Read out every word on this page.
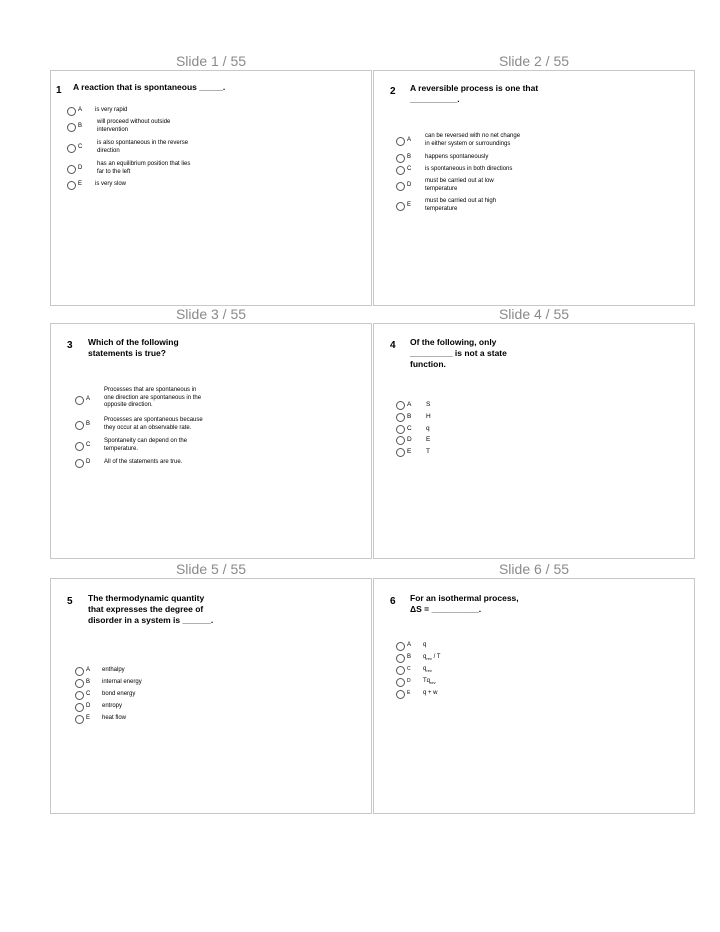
Slide 1 / 55	Slide 2 / 55
Slide 3 / 55	Slide 4 / 55
Slide 5 / 55	Slide 6 / 55
1 A reaction that is spontaneous _____.
A is very rapid
B
will proceed without outside
intervention
C
is also spontaneous in the reverse
direction
D
has an equilibrium position that lies
far to the left
E is very slow
2 A reversible process is one that
__________.
A
can be reversed with no net change
in either system or surroundings
B happens spontaneously
C is spontaneous in both directions
D
must be carried out at low
temperature
E
must be carried out at high
temperature
3 Which of the following
statements is true?
A
Processes that are spontaneous in
one direction are spontaneous in the
opposite direction.
B
Processes are spontaneous because
they occur at an observable rate.
C
Spontaneity can depend on the
temperature.
D All of the statements are true.
4 Of the following, only
_________ is not a state
function.
A S
B H
C q
D E
E T
5 The thermodynamic quantity
that expresses the degree of
disorder in a system is ______.
A enthalpy
B internal energy
C bond energy
D entropy
E heat flow
6 For an isothermal process,
ΔS = __________.
A q
B $q_{rev}$ / T
C $q_{rev}$
D $Tq_{rev}$
E q + w
